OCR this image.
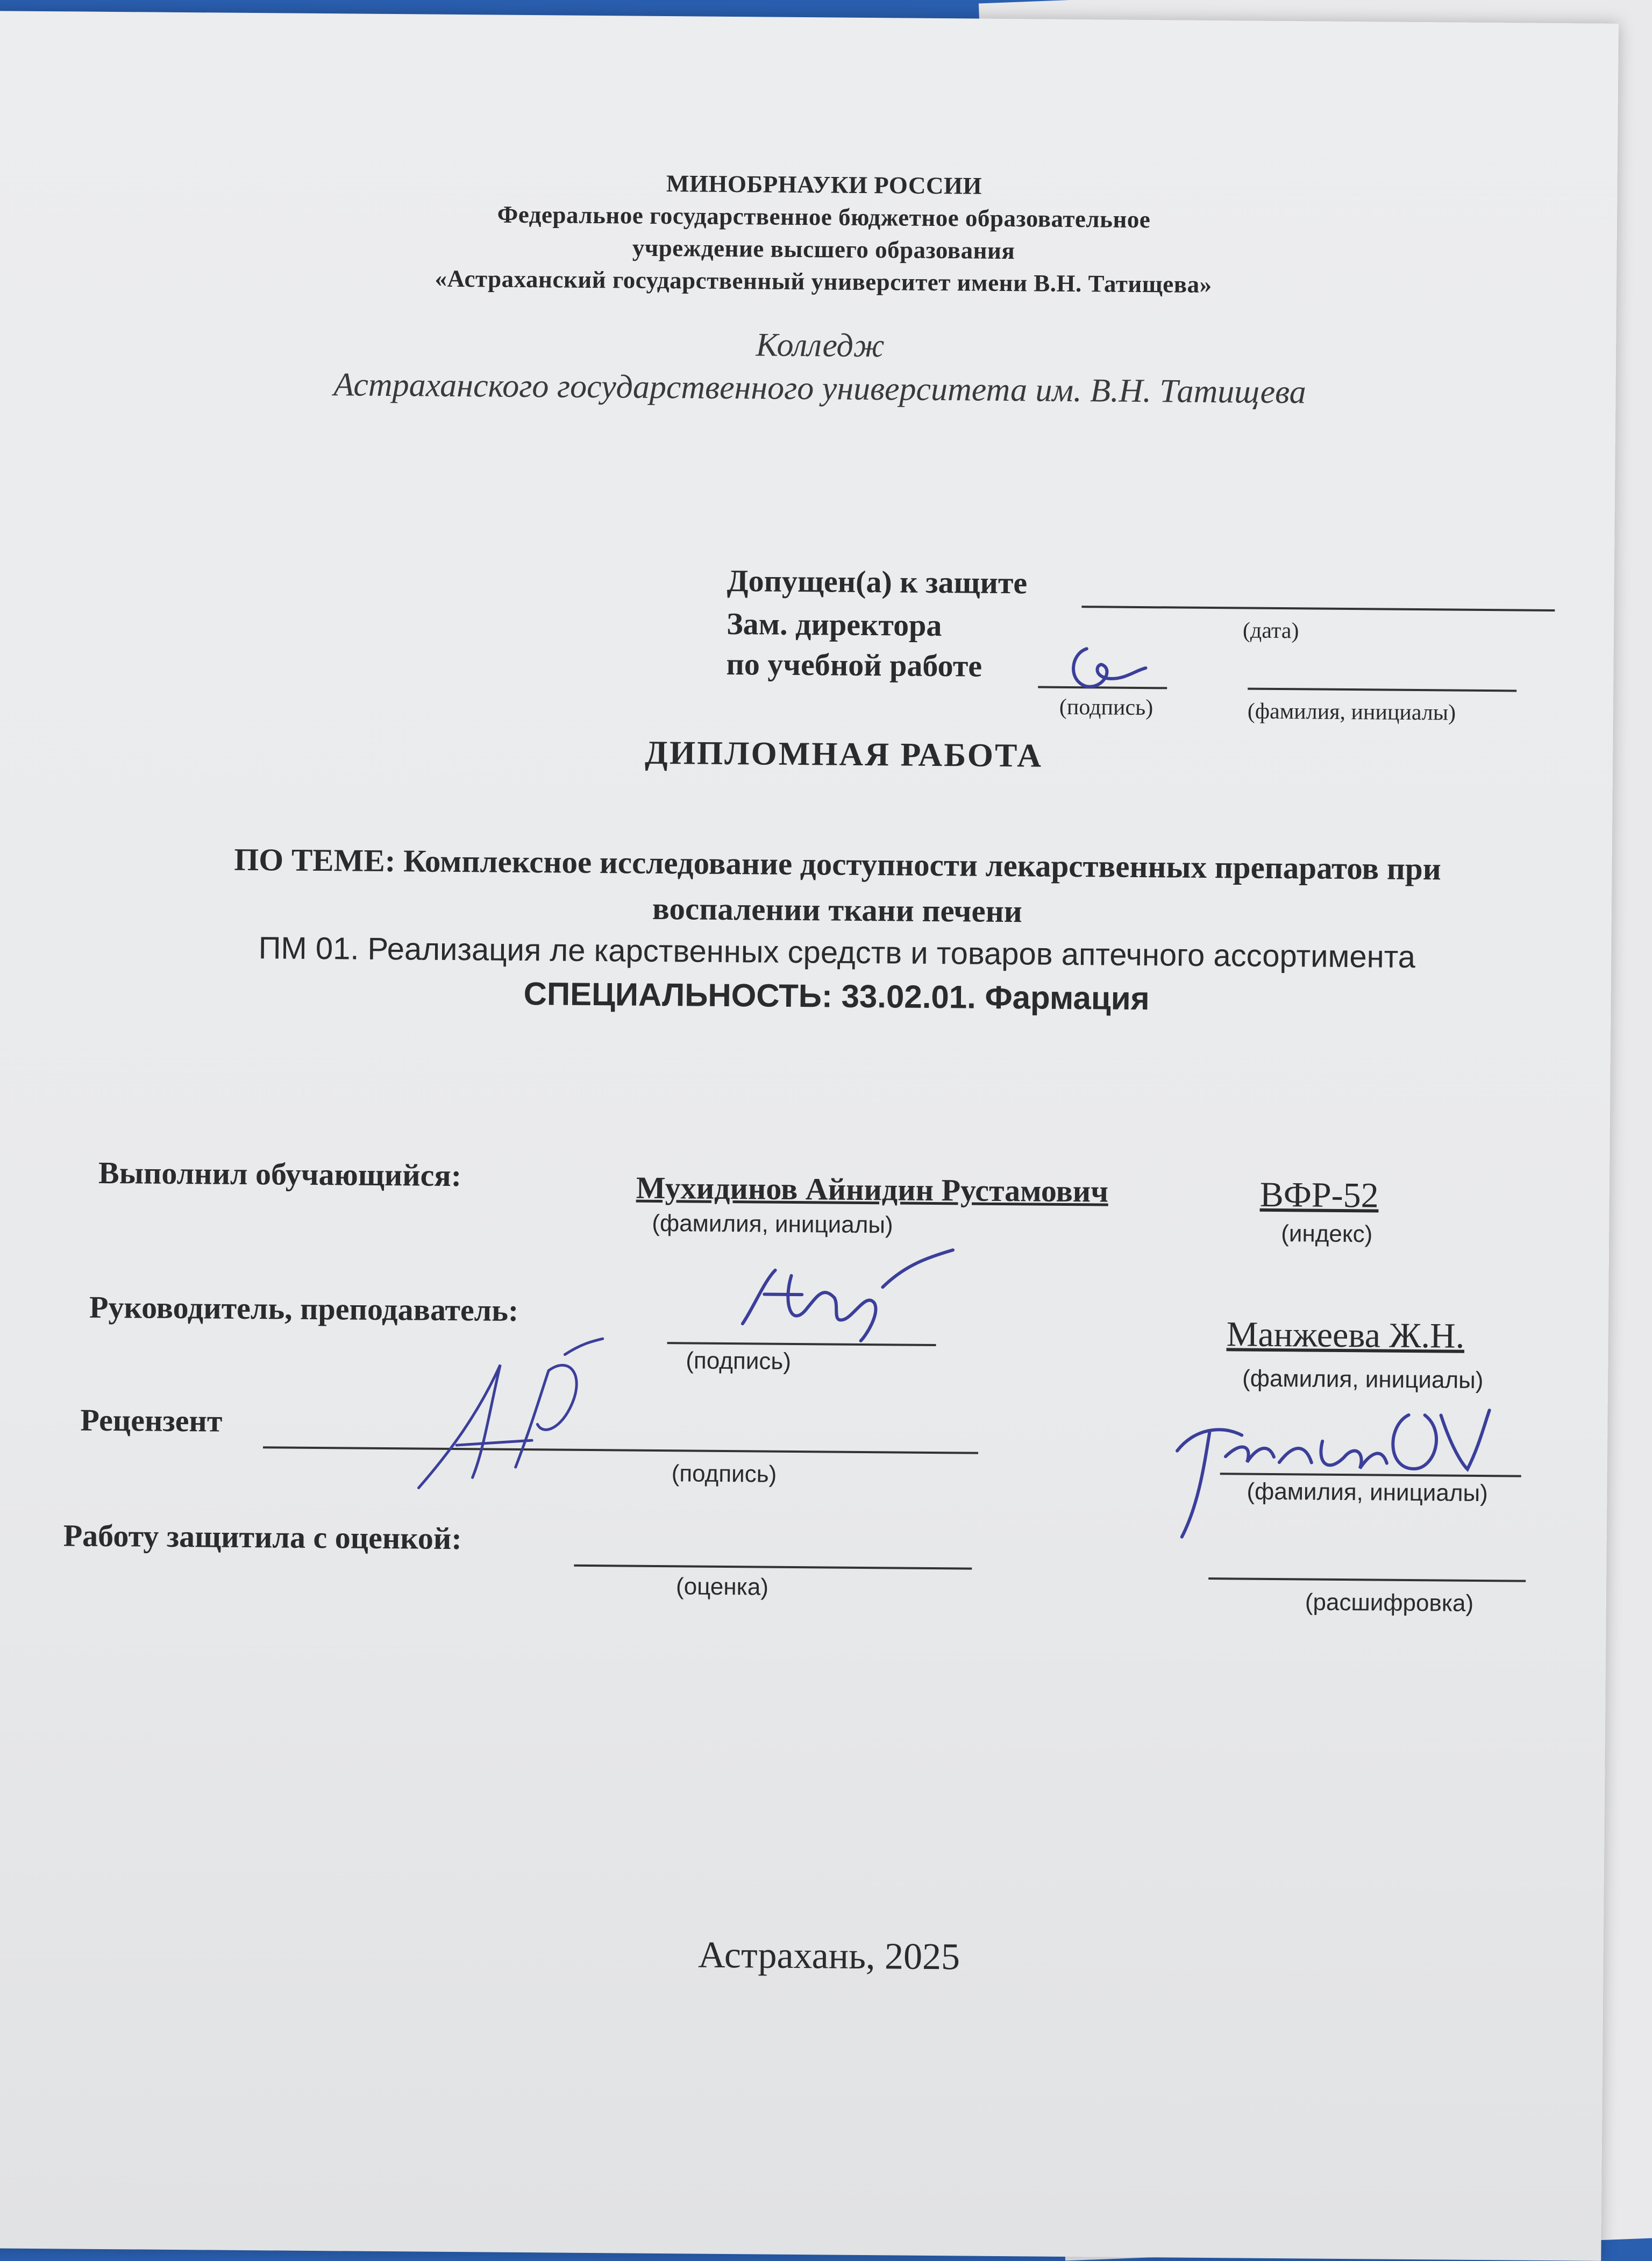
МИНОБРНАУКИ РОССИИ
Федеральное государственное бюджетное образовательное
учреждение высшего образования
«Астраханский государственный университет имени В.Н. Татищева»
Колледж
Астраханского государственного университета им. В.Н. Татищева
Допущен(а) к защите
(дата)
Зам. директора
по учебной работе
(подпись)	(фамилия, инициалы)
ДИПЛОМНАЯ РАБОТА
ПО ТЕМЕ: Комплексное исследование доступности лекарственных препаратов при
воспалении ткани печени
ПМ 01. Реализация ле карственных средств и товаров аптечного ассортимента
СПЕЦИАЛЬНОСТЬ: 33.02.01. Фармация
Выполнил обучающийся:	Мухидинов Айнидин Рустамович
(фамилия, инициалы)
ВФР-52
(индекс)
Руководитель, преподаватель:
(подпись)
Манжеева Ж.Н.
(фамилия, инициалы)
Рецензент
(подпись)
(фамилия, инициалы)
Работу защитила с оценкой:
(оценка)
(расшифровка)
Астрахань, 2025
